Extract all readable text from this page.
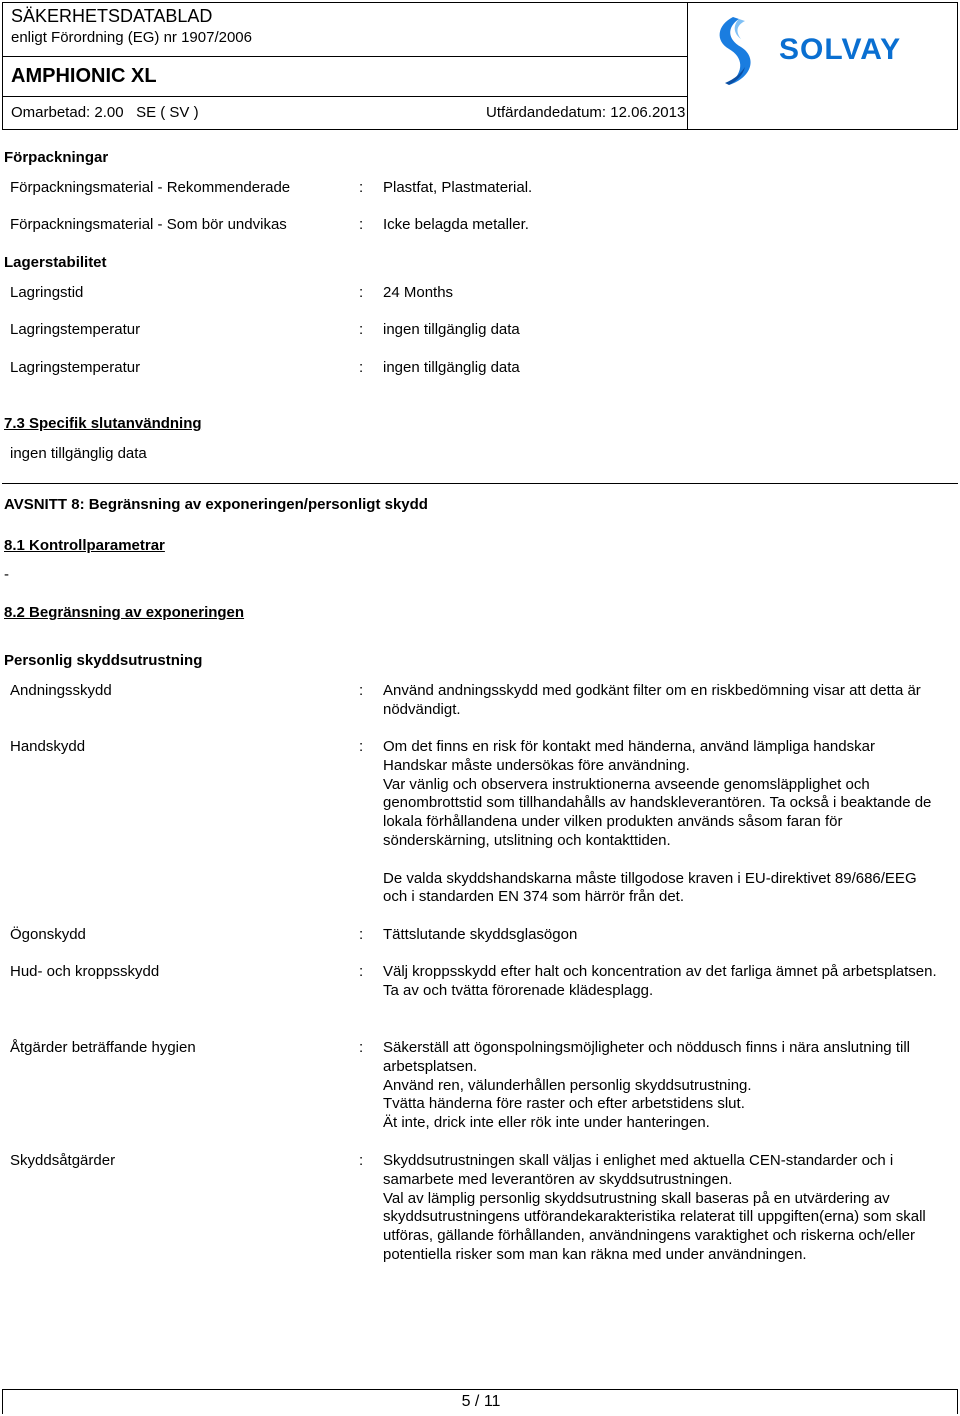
SÄKERHETSDATABLAD
enligt Förordning (EG) nr 1907/2006
AMPHIONIC XL
Omarbetad: 2.00   SE ( SV )	Utfärdandedatum: 12.06.2013
SOLVAY
Förpackningar
Förpackningsmaterial - Rekommenderade	: Plastfat, Plastmaterial.
Förpackningsmaterial - Som bör undvikas	: Icke belagda metaller.
Lagerstabilitet
Lagringstid	: 24 Months
Lagringstemperatur	: ingen tillgänglig data
Lagringstemperatur	: ingen tillgänglig data
7.3 Specifik slutanvändning
ingen tillgänglig data
AVSNITT 8: Begränsning av exponeringen/personligt skydd
8.1 Kontrollparametrar
-
8.2 Begränsning av exponeringen
Personlig skyddsutrustning
Andningsskydd	: Använd andningsskydd med godkänt filter om en riskbedömning visar att detta är nödvändigt.
Handskydd	: Om det finns en risk för kontakt med händerna, använd lämpliga handskar Handskar måste undersökas före användning.
Var vänlig och observera instruktionerna avseende genomsläpplighet och genombrottstid som tillhandahålls av handskleverantören. Ta också i beaktande de lokala förhållandena under vilken produkten används såsom faran för sönderskärning, utslitning och kontakttiden.

De valda skyddshandskarna måste tillgodose kraven i EU-direktivet 89/686/EEG och i standarden EN 374 som härrör från det.
Ögonskydd	: Tättslutande skyddsglasögon
Hud- och kroppsskydd	: Välj kroppsskydd efter halt och koncentration av det farliga ämnet på arbetsplatsen.
Ta av och tvätta förorenade klädesplagg.
Åtgärder beträffande hygien	: Säkerställ att ögonspolningsmöjligheter och nöddusch finns i nära anslutning till arbetsplatsen.
Använd ren, välunderhållen personlig skyddsutrustning.
Tvätta händerna före raster och efter arbetstidens slut.
Ät inte, drick inte eller rök inte under hanteringen.
Skyddsåtgärder	: Skyddsutrustningen skall väljas i enlighet med aktuella CEN-standarder och i samarbete med leverantören av skyddsutrustningen.
Val av lämplig personlig skyddsutrustning skall baseras på en utvärdering av skyddsutrustningens utförandekarakteristika relaterat till uppgiften(erna) som skall utföras, gällande förhållanden, användningens varaktighet och riskerna och/eller potentiella risker som man kan räkna med under användningen.
5 / 11
